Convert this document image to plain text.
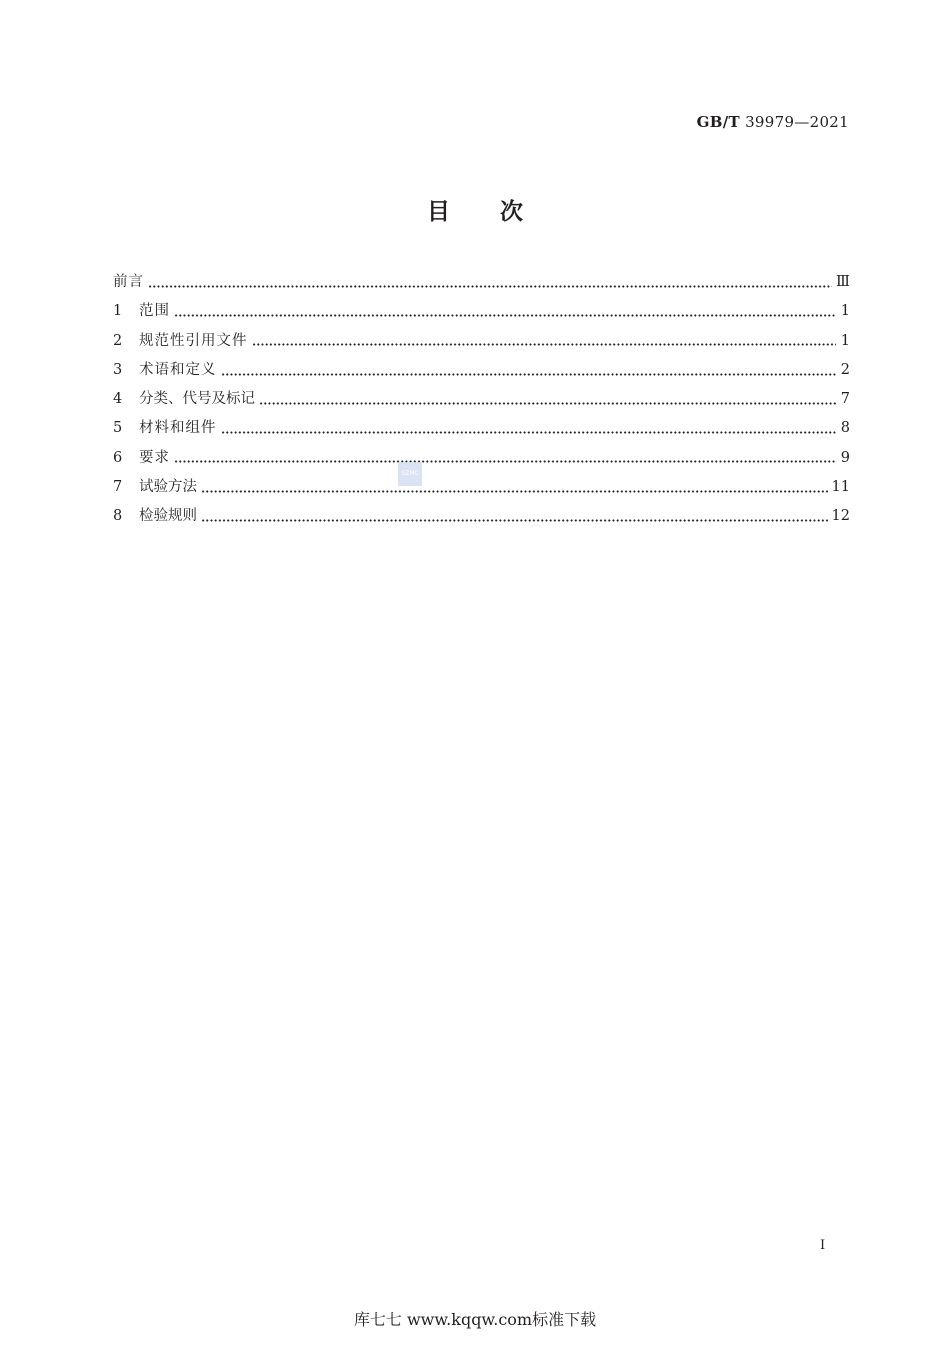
GB/T 39979—2021
目次
前言	Ⅲ
1	范围	1
2	规范性引用文件	1
3	术语和定义	2
4	分类、代号及标记	7
5	材料和组件	8
6	要求	9
7	试验方法	11
8	检验规则	12
SZMC
I
库七七 www.kqqw.com标准下载
